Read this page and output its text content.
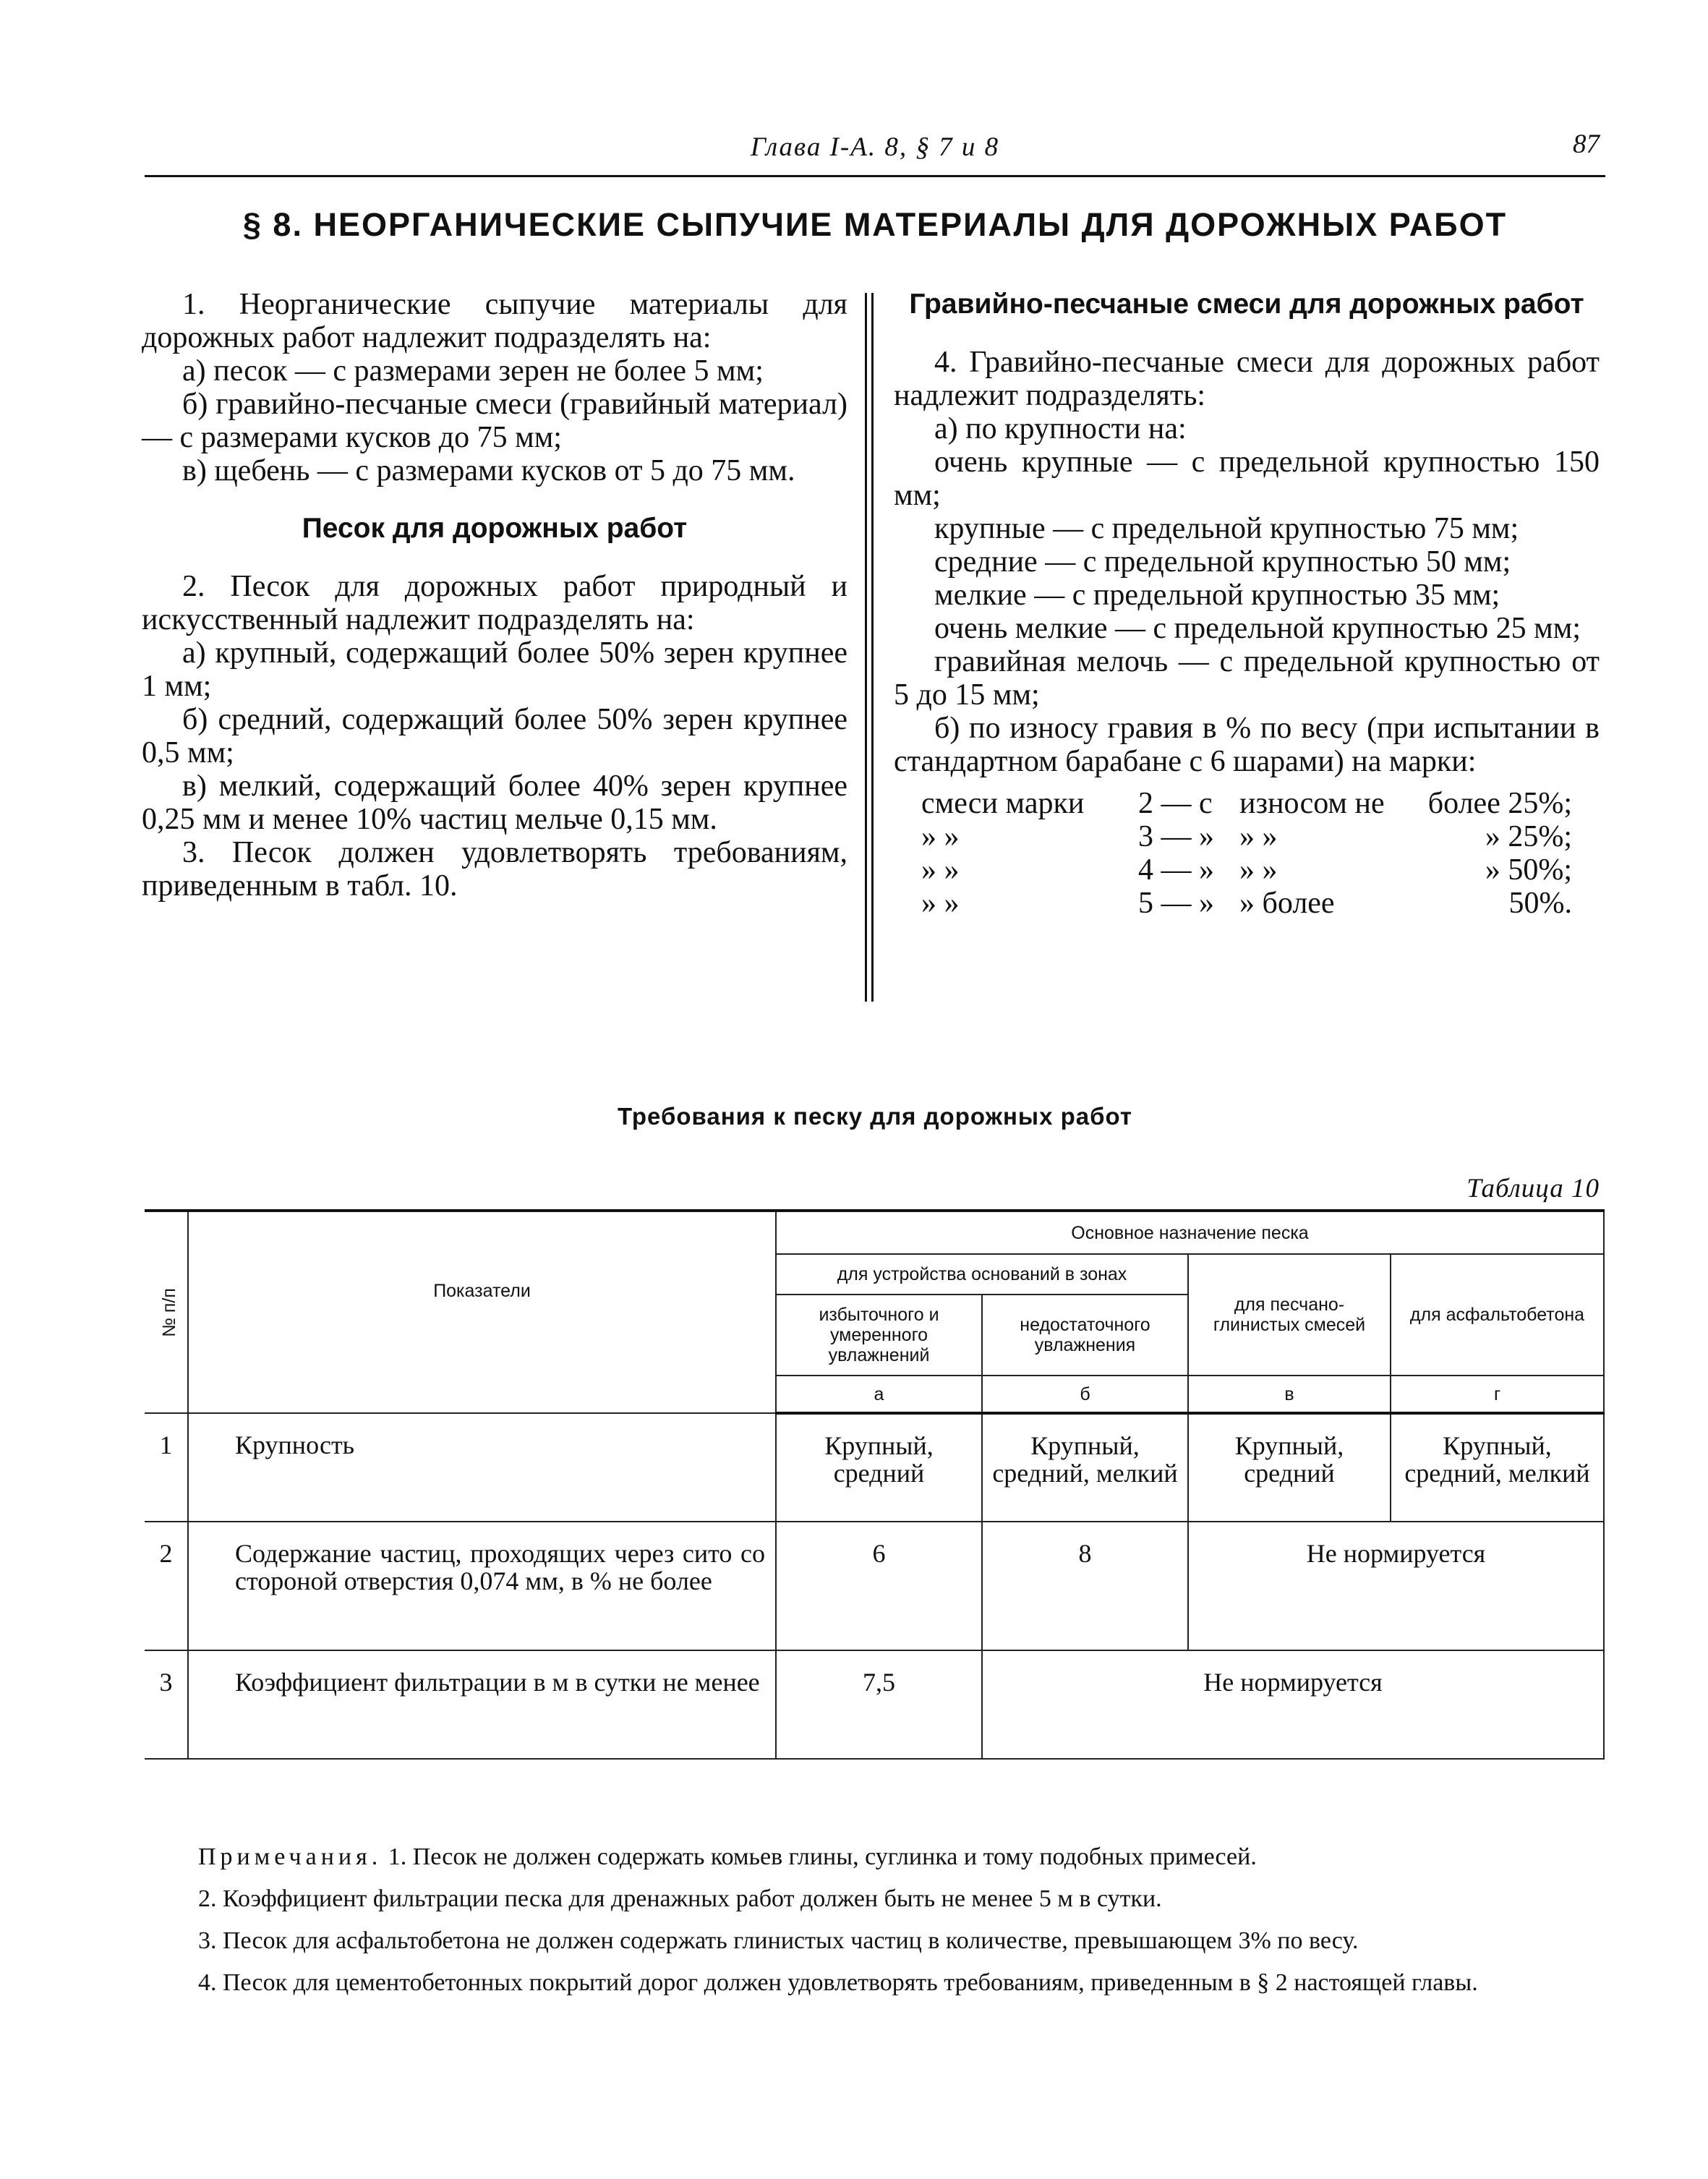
Глава I-А. 8, § 7 и 8	87
§ 8. НЕОРГАНИЧЕСКИЕ СЫПУЧИЕ МАТЕРИАЛЫ ДЛЯ ДОРОЖНЫХ РАБОТ

1. Неорганические сыпучие материалы для дорожных работ надлежит подразделять на:

а) песок — с размерами зерен не более 5 мм;

б) гравийно-песчаные смеси (гравийный материал) — с размерами кусков до 75 мм;

в) щебень — с размерами кусков от 5 до 75 мм.

Песок для дорожных работ

2. Песок для дорожных работ природный и искусственный надлежит подразделять на:

а) крупный, содержащий более 50% зерен крупнее 1 мм;

б) средний, содержащий более 50% зерен крупнее 0,5 мм;

в) мелкий, содержащий более 40% зерен крупнее 0,25 мм и менее 10% частиц мельче 0,15 мм.

3. Песок должен удовлетворять требованиям, приведенным в табл. 10.

Гравийно-песчаные смеси для дорожных работ

4. Гравийно-песчаные смеси для дорожных работ надлежит подразделять:

а) по крупности на:

очень крупные — с предельной крупностью 150 мм;

крупные — с предельной крупностью 75 мм;

средние — с предельной крупностью 50 мм;

мелкие — с предельной крупностью 35 мм;

очень мелкие — с предельной крупностью 25 мм;

гравийная мелочь — с предельной крупностью от 5 до 15 мм;

б) по износу гравия в % по весу (при испытании в стандартном барабане с 6 шарами) на марки:

смеси марки	2 — с износом не	более 25%;
» »	3 — » » »	» 25%;
» »	4 — » » »	» 50%;
» »	5 — » » более	50%.
Требования к песку для дорожных работ
Таблица 10
№ п/п	Показатели	Основное назначение песка			
		для устройства оснований в зонах		для песчано-глинистых смесей	для асфальтобетона
		избыточного и умеренного увлажнений	недостаточного увлажнения		
		а	б	в	г
1	Крупность	Крупный, средний	Крупный, средний, мелкий	Крупный, средний	Крупный, средний, мелкий
2	Содержание частиц, проходящих через сито со стороной отверстия 0,074 мм, в % не более	6	8	Не нормируется	
3	Коэффициент фильтрации в м в сутки не менее	7,5	Не нормируется		

Примечания. 1. Песок не должен содержать комьев глины, суглинка и тому подобных примесей.

2. Коэффициент фильтрации песка для дренажных работ должен быть не менее 5 м в сутки.

3. Песок для асфальтобетона не должен содержать глинистых частиц в количестве, превышающем 3% по весу.

4. Песок для цементобетонных покрытий дорог должен удовлетворять требованиям, приведенным в § 2 настоящей главы.
